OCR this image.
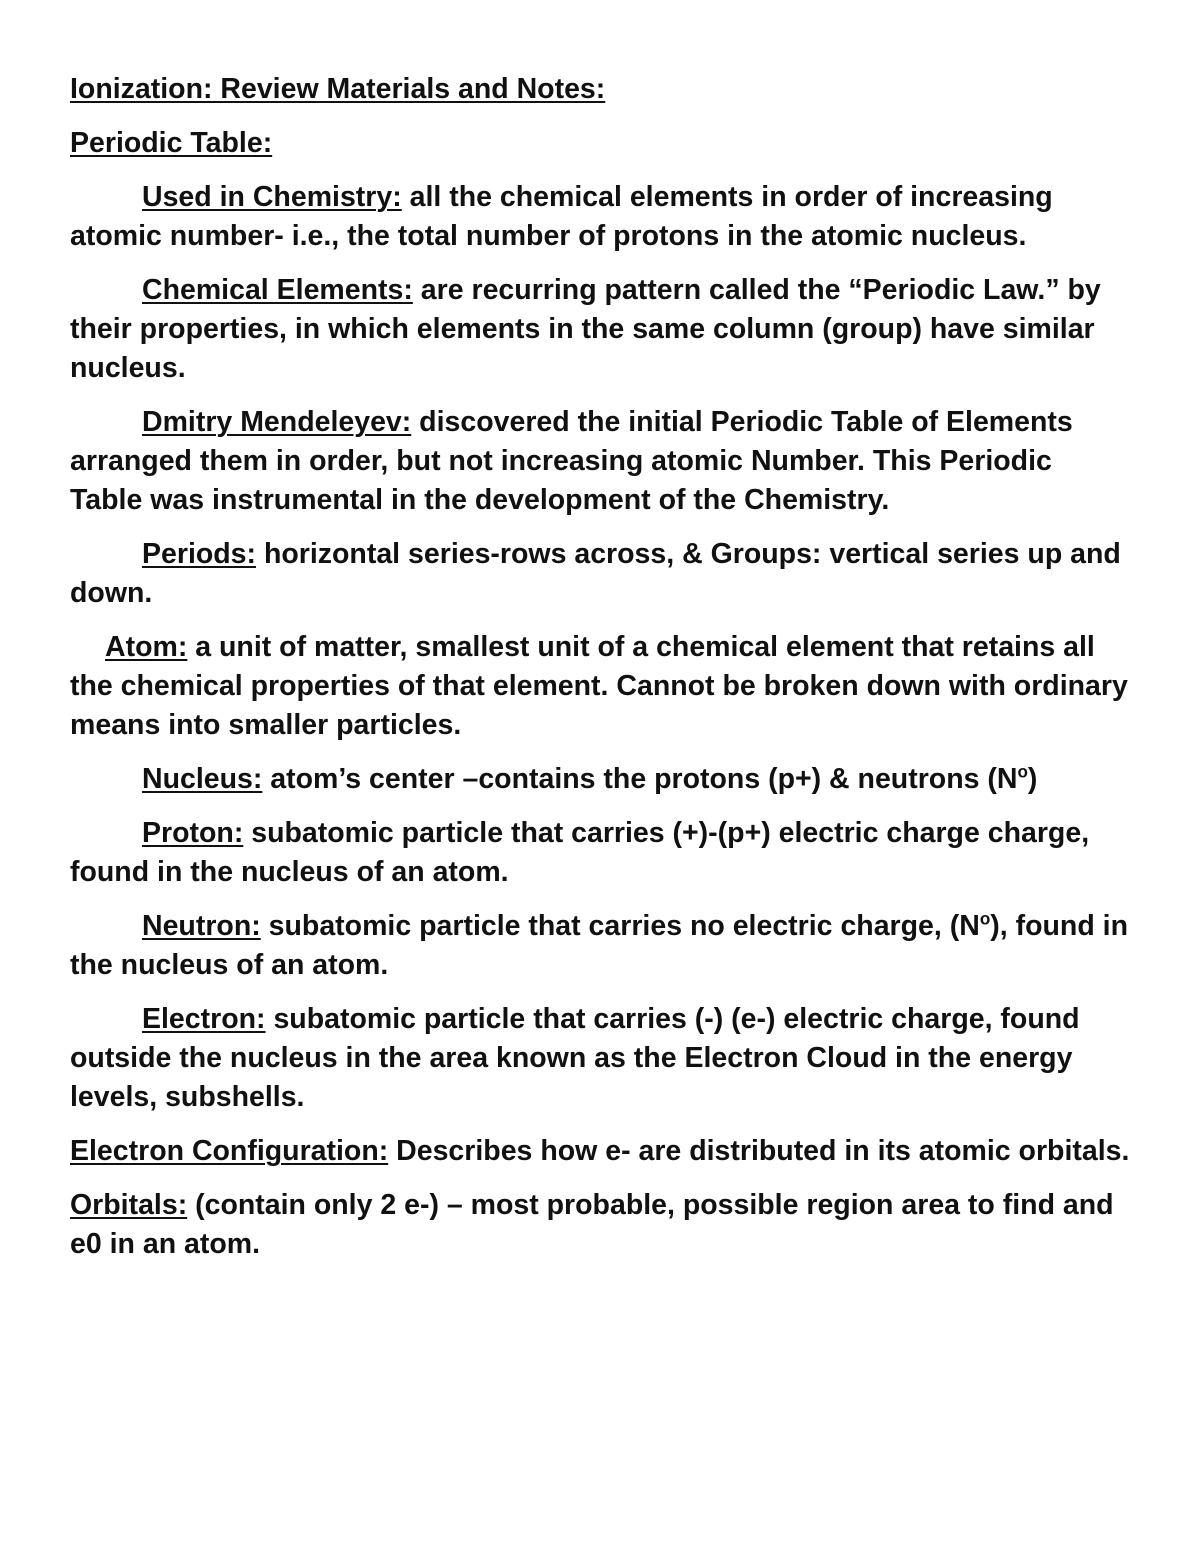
Ionization: Review Materials and Notes:

Periodic Table:

Used in Chemistry: all the chemical elements in order of increasing atomic number- i.e., the total number of protons in the atomic nucleus.

Chemical Elements: are recurring pattern called the “Periodic Law.” by their properties, in which elements in the same column (group) have similar nucleus.

Dmitry Mendeleyev: discovered the initial Periodic Table of Elements arranged them in order, but not increasing atomic Number. This Periodic Table was instrumental in the development of the Chemistry.

Periods: horizontal series-rows across, & Groups: vertical series up and down.

Atom: a unit of matter, smallest unit of a chemical element that retains all the chemical properties of that element. Cannot be broken down with ordinary means into smaller particles.

Nucleus: atom’s center –contains the protons (p+) & neutrons $(N^o)$

Proton: subatomic particle that carries (+)-(p+) electric charge charge, found in the nucleus of an atom.

Neutron: subatomic particle that carries no electric charge, $(N^o)$, found in the nucleus of an atom.

Electron: subatomic particle that carries (-) (e-) electric charge, found outside the nucleus in the area known as the Electron Cloud in the energy levels, subshells.

Electron Configuration: Describes how e- are distributed in its atomic orbitals.

Orbitals: (contain only 2 e-) – most probable, possible region area to find and e0 in an atom.
